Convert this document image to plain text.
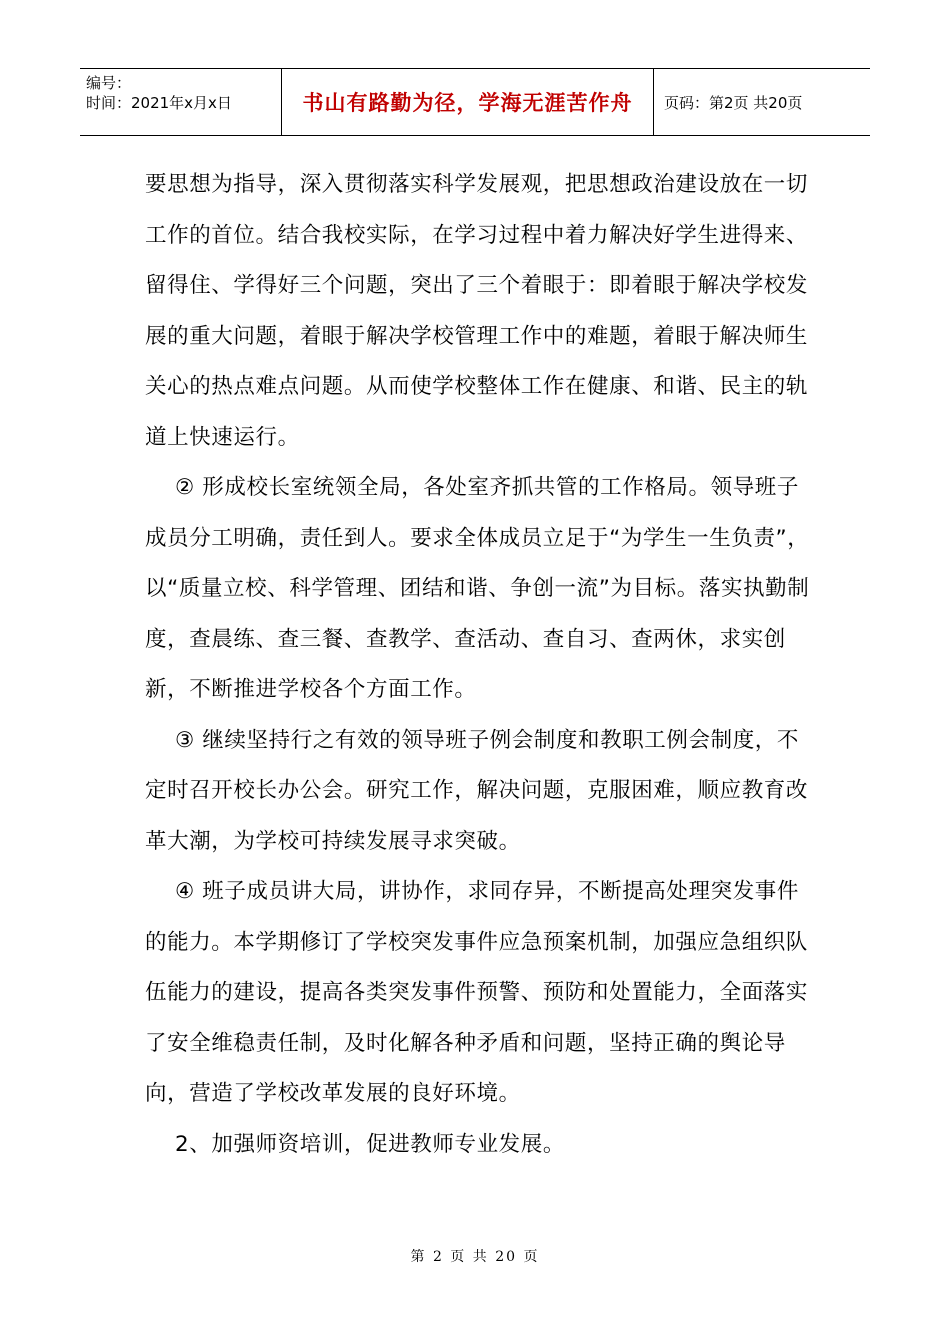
编号：
时间：2021年x月x日	书山有路勤为径，学海无涯苦作舟 页码：第2页 共20页

要思想为指导，深入贯彻落实科学发展观，把思想政治建设放在一切工作的首位。结合我校实际，在学习过程中着力解决好学生进得来、留得住、学得好三个问题，突出了三个着眼于：即着眼于解决学校发展的重大问题，着眼于解决学校管理工作中的难题，着眼于解决师生关心的热点难点问题。从而使学校整体工作在健康、和谐、民主的轨道上快速运行。

② 形成校长室统领全局，各处室齐抓共管的工作格局。领导班子成员分工明确，责任到人。要求全体成员立足于“为学生一生负责”，以“质量立校、科学管理、团结和谐、争创一流”为目标。落实执勤制度，查晨练、查三餐、查教学、查活动、查自习、查两休，求实创新，不断推进学校各个方面工作。

③ 继续坚持行之有效的领导班子例会制度和教职工例会制度，不定时召开校长办公会。研究工作，解决问题，克服困难，顺应教育改革大潮，为学校可持续发展寻求突破。

④ 班子成员讲大局，讲协作，求同存异，不断提高处理突发事件的能力。本学期修订了学校突发事件应急预案机制，加强应急组织队伍能力的建设，提高各类突发事件预警、预防和处置能力，全面落实了安全维稳责任制，及时化解各种矛盾和问题，坚持正确的舆论导向，营造了学校改革发展的良好环境。

2、加强师资培训，促进教师专业发展。

第 2 页 共 20 页
